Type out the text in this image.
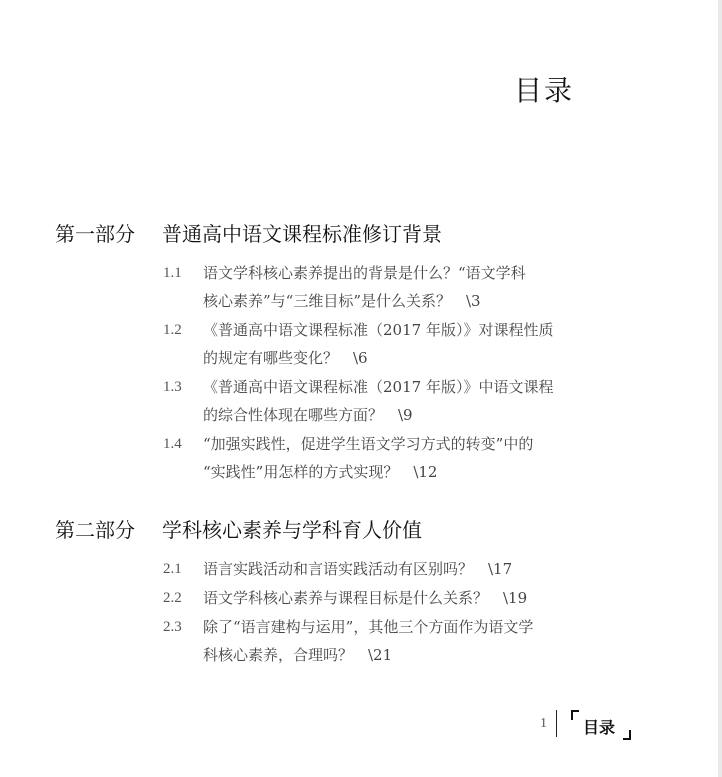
目录
第一部分	普通高中语文课程标准修订背景
1.1	语文学科核心素养提出的背景是什么？“语文学科
核心素养”与“三维目标”是什么关系？　\3
1.2	《普通高中语文课程标准（2017 年版）》对课程性质
的规定有哪些变化？　\6
1.3	《普通高中语文课程标准（2017 年版）》中语文课程
的综合性体现在哪些方面？　\9
1.4	“加强实践性，促进学生语文学习方式的转变”中的
“实践性”用怎样的方式实现？　\12
第二部分	学科核心素养与学科育人价值
2.1	语言实践活动和言语实践活动有区别吗？　\17
2.2	语文学科核心素养与课程目标是什么关系？　\19
2.3	除了“语言建构与运用”，其他三个方面作为语文学
科核心素养，合理吗？　\21
1 目录
